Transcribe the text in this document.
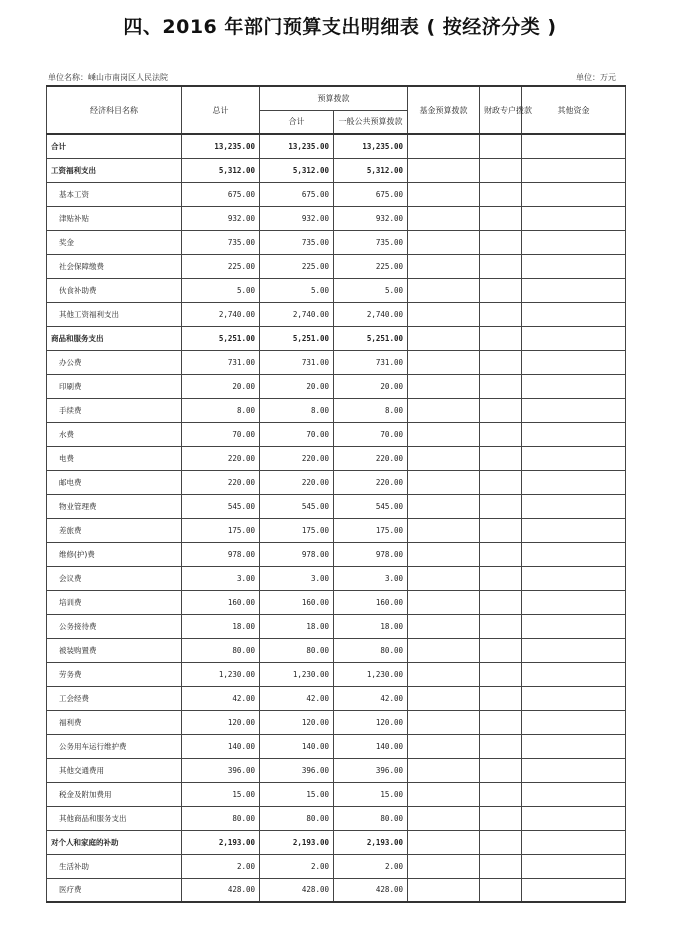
四、2016 年部门预算支出明细表 ( 按经济分类 )
单位名称：嵊山市南岗区人民法院	单位：万元
经济科目名称	总计	预算拨款		基金预算拨款	财政专户拨款	其他资金
		合计	一般公共预算拨款			
合计	13,235.00	13,235.00	13,235.00			
工资福利支出	5,312.00	5,312.00	5,312.00			
基本工资	675.00	675.00	675.00			
津贴补贴	932.00	932.00	932.00			
奖金	735.00	735.00	735.00			
社会保障缴费	225.00	225.00	225.00			
伙食补助费	5.00	5.00	5.00			
其他工资福利支出	2,740.00	2,740.00	2,740.00			
商品和服务支出	5,251.00	5,251.00	5,251.00			
办公费	731.00	731.00	731.00			
印刷费	20.00	20.00	20.00			
手续费	8.00	8.00	8.00			
水费	70.00	70.00	70.00			
电费	220.00	220.00	220.00			
邮电费	220.00	220.00	220.00			
物业管理费	545.00	545.00	545.00			
差旅费	175.00	175.00	175.00			
维修(护)费	978.00	978.00	978.00			
会议费	3.00	3.00	3.00			
培训费	160.00	160.00	160.00			
公务接待费	18.00	18.00	18.00			
被装购置费	80.00	80.00	80.00			
劳务费	1,230.00	1,230.00	1,230.00			
工会经费	42.00	42.00	42.00			
福利费	120.00	120.00	120.00			
公务用车运行维护费	140.00	140.00	140.00			
其他交通费用	396.00	396.00	396.00			
税金及附加费用	15.00	15.00	15.00			
其他商品和服务支出	80.00	80.00	80.00			
对个人和家庭的补助	2,193.00	2,193.00	2,193.00			
生活补助	2.00	2.00	2.00			
医疗费	428.00	428.00	428.00			
